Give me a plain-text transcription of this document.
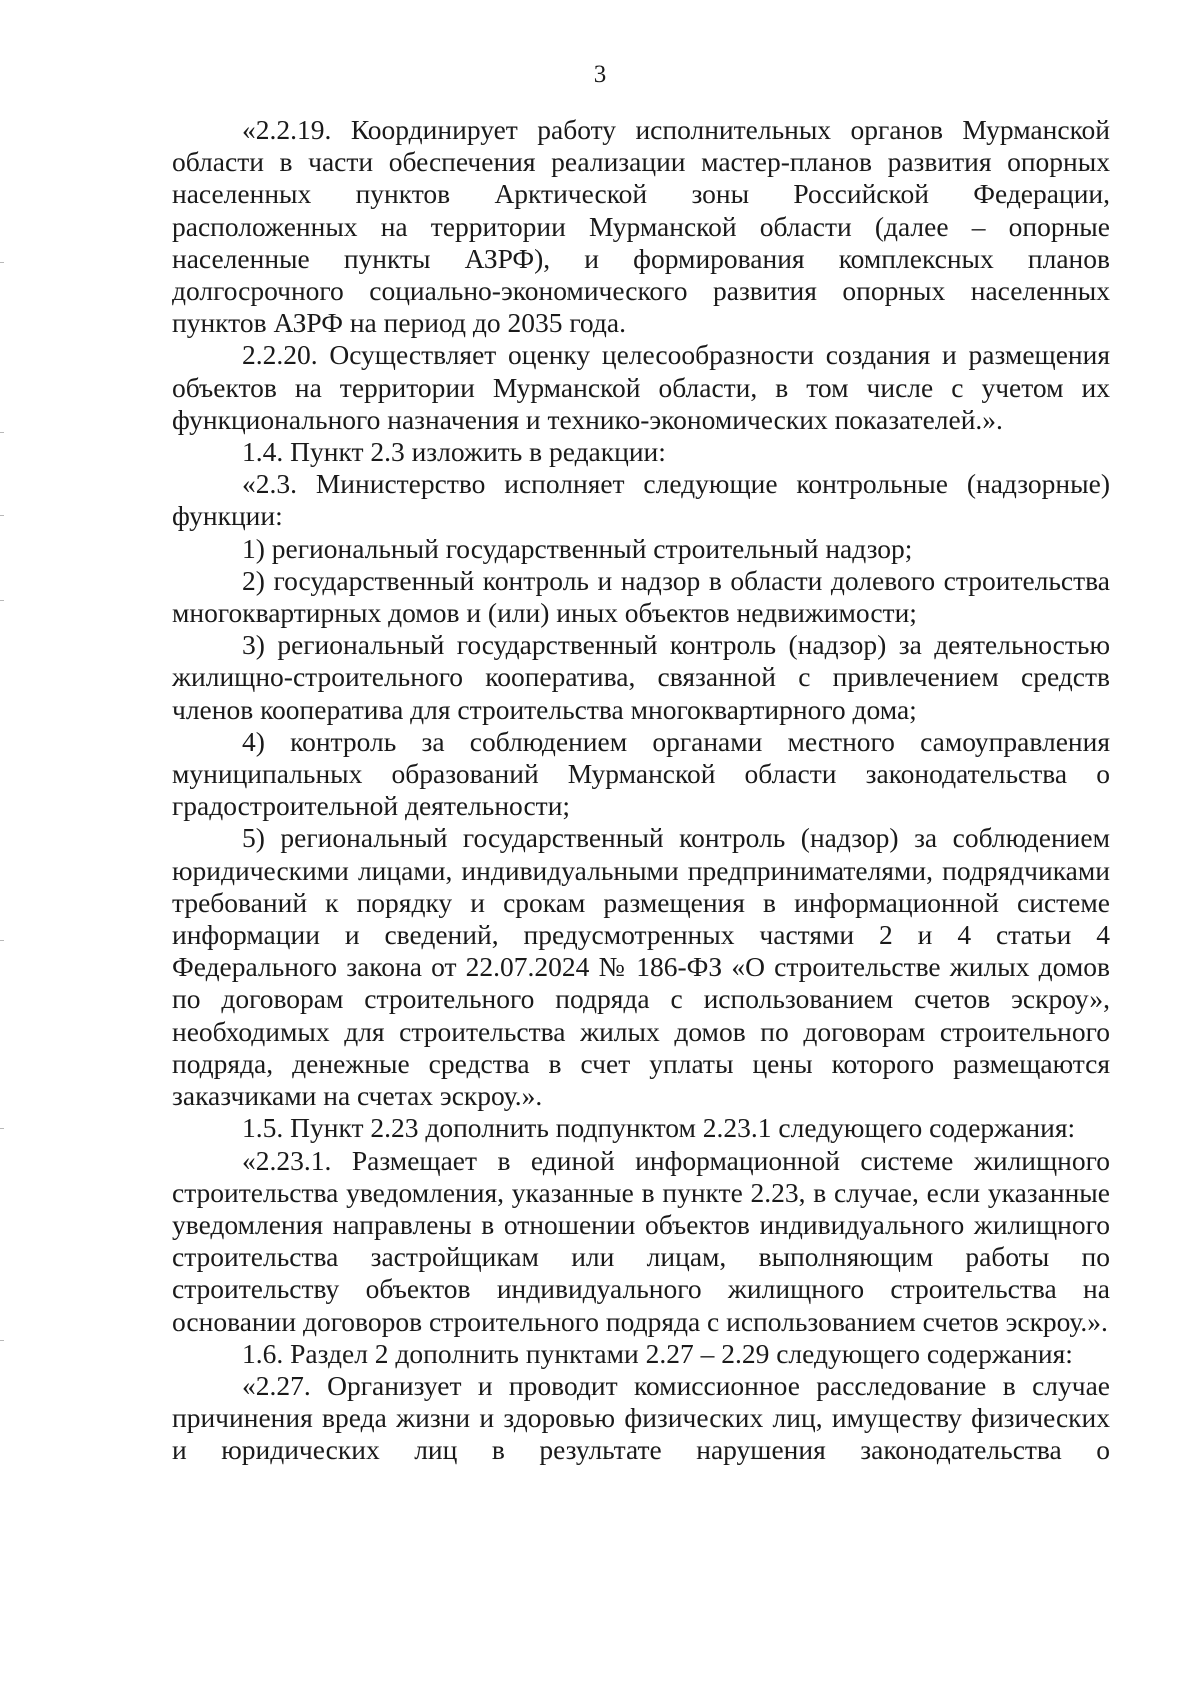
3

«2.2.19. Координирует работу исполнительных органов Мурманской области в части обеспечения реализации мастер-планов развития опорных населенных пунктов Арктической зоны Российской Федерации, расположенных на территории Мурманской области (далее – опорные населенные пункты АЗРФ), и формирования комплексных планов долгосрочного социально-экономического развития опорных населенных пунктов АЗРФ на период до 2035 года.

2.2.20. Осуществляет оценку целесообразности создания и размещения объектов на территории Мурманской области, в том числе с учетом их функционального назначения и технико-экономических показателей.».

1.4. Пункт 2.3 изложить в редакции:

«2.3. Министерство исполняет следующие контрольные (надзорные) функции:

1) региональный государственный строительный надзор;

2) государственный контроль и надзор в области долевого строительства многоквартирных домов и (или) иных объектов недвижимости;

3) региональный государственный контроль (надзор) за деятельностью жилищно-строительного кооператива, связанной с привлечением средств членов кооператива для строительства многоквартирного дома;

4) контроль за соблюдением органами местного самоуправления муниципальных образований Мурманской области законодательства о градостроительной деятельности;

5) региональный государственный контроль (надзор) за соблюдением юридическими лицами, индивидуальными предпринимателями, подрядчиками требований к порядку и срокам размещения в информационной системе информации и сведений, предусмотренных частями 2 и 4 статьи 4 Федерального закона от 22.07.2024 № 186-ФЗ «О строительстве жилых домов по договорам строительного подряда с использованием счетов эскроу», необходимых для строительства жилых домов по договорам строительного подряда, денежные средства в счет уплаты цены которого размещаются заказчиками на счетах эскроу.».

1.5. Пункт 2.23 дополнить подпунктом 2.23.1 следующего содержания:

«2.23.1. Размещает в единой информационной системе жилищного строительства уведомления, указанные в пункте 2.23, в случае, если указанные уведомления направлены в отношении объектов индивидуального жилищного строительства застройщикам или лицам, выполняющим работы по строительству объектов индивидуального жилищного строительства на основании договоров строительного подряда с использованием счетов эскроу.».

1.6. Раздел 2 дополнить пунктами 2.27 – 2.29 следующего содержания:

«2.27. Организует и проводит комиссионное расследование в случае причинения вреда жизни и здоровью физических лиц, имуществу физических и юридических лиц в результате нарушения законодательства о
